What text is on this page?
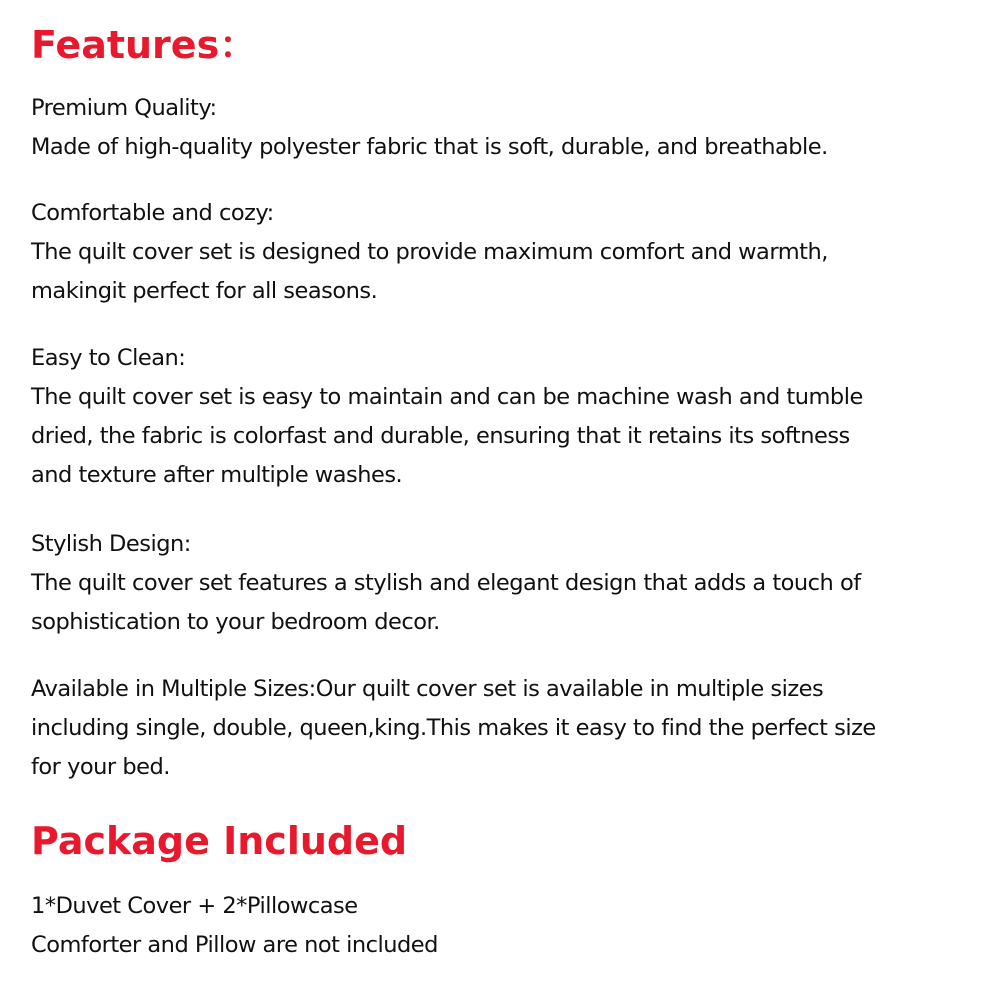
Features：
Premium Quality:
Made of high-quality polyester fabric that is soft, durable, and breathable.
Comfortable and cozy:
The quilt cover set is designed to provide maximum comfort and warmth,
makingit perfect for all seasons.
Easy to Clean:
The quilt cover set is easy to maintain and can be machine wash and tumble
dried, the fabric is colorfast and durable, ensuring that it retains its softness
and texture after multiple washes.
Stylish Design:
The quilt cover set features a stylish and elegant design that adds a touch of
sophistication to your bedroom decor.
Available in Multiple Sizes:Our quilt cover set is available in multiple sizes
including single, double, queen,king.This makes it easy to find the perfect size
for your bed.
Package Included
1*Duvet Cover + 2*Pillowcase
Comforter and Pillow are not included
